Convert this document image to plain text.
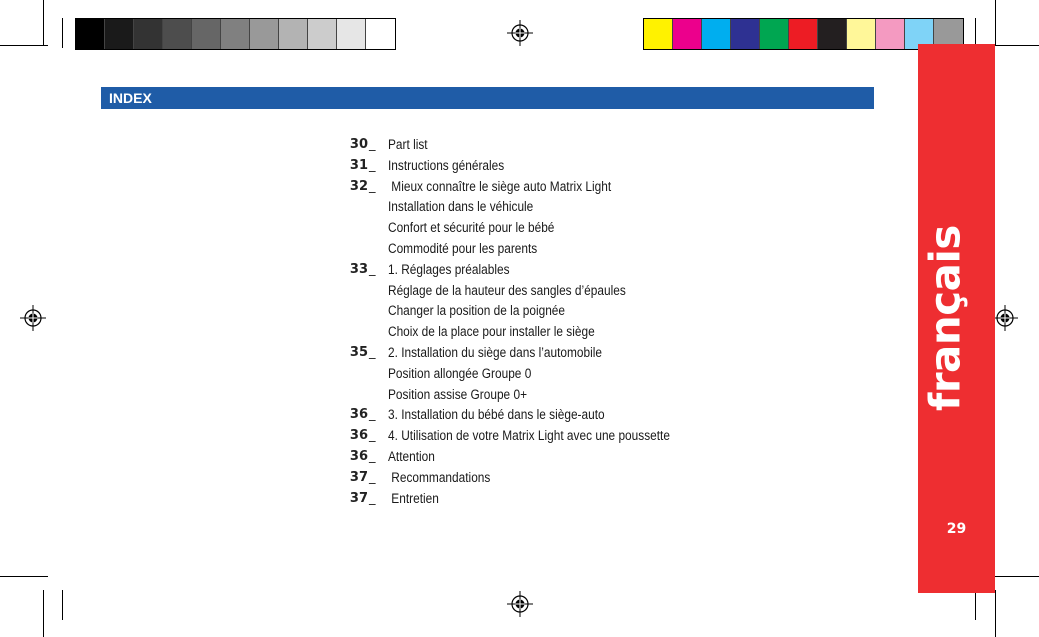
français
29
INDEX
30 _ Part list
31 _ Instructions générales
32 _ Mieux connaître le siège auto Matrix Light
Installation dans le véhicule
Confort et sécurité pour le bébé
Commodité pour les parents
33 _ 1. Réglages préalables
Réglage de la hauteur des sangles d’épaules
Changer la position de la poignée
Choix de la place pour installer le siège
35 _ 2. Installation du siège dans l’automobile
Position allongée Groupe 0
Position assise Groupe 0+
36 _ 3. Installation du bébé dans le siège-auto
36 _ 4. Utilisation de votre Matrix Light avec une poussette
36 _ Attention
37 _ Recommandations
37 _ Entretien
